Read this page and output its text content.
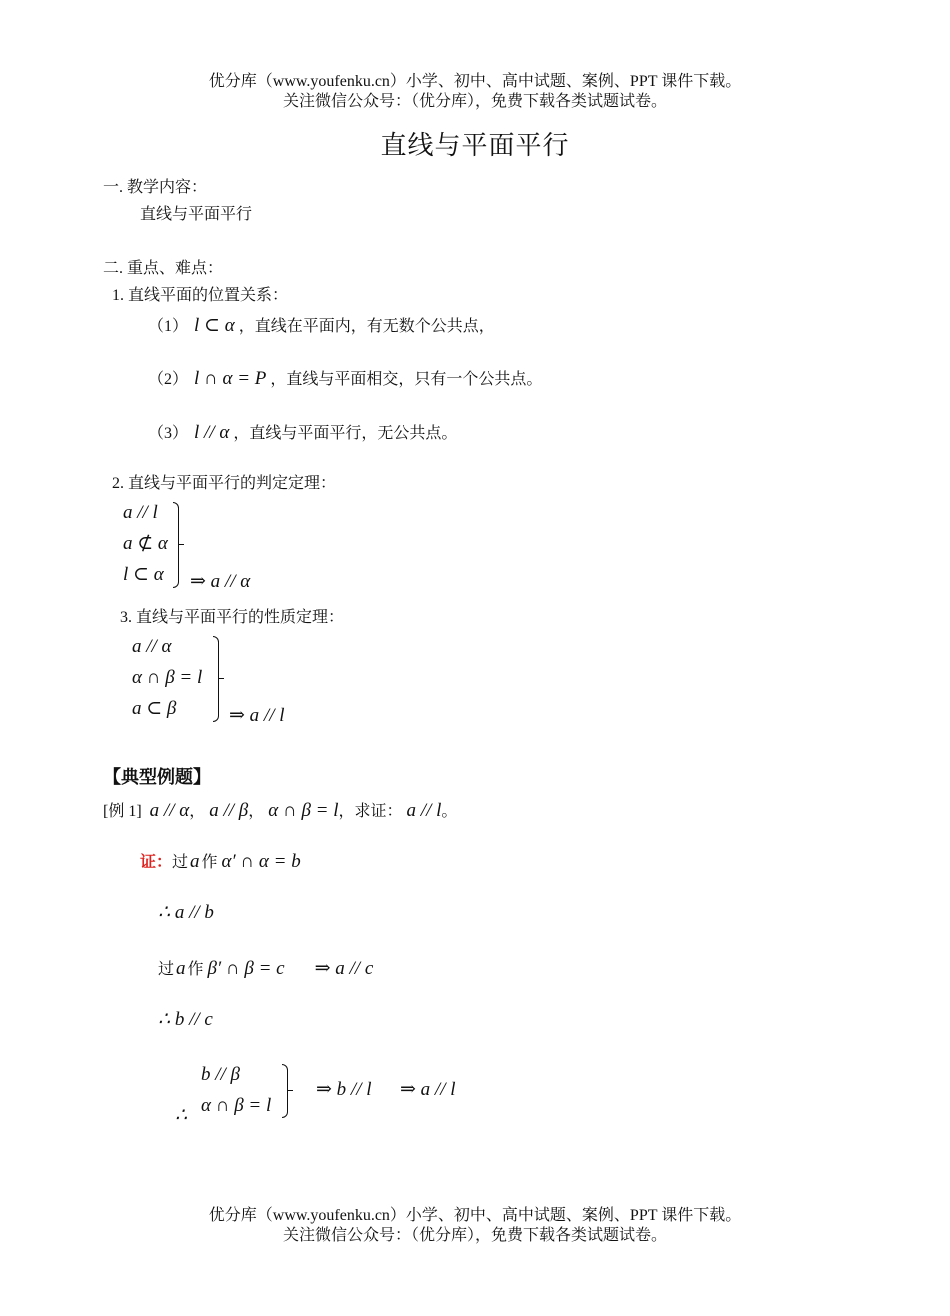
优分库（www.youfenku.cn）小学、初中、高中试题、案例、PPT 课件下载。
关注微信公众号：（优分库），免费下载各类试题试卷。
直线与平面平行
一. 教学内容：
直线与平面平行
二. 重点、难点：
1. 直线平面的位置关系：
（1） l ⊂ α ，直线在平面内，有无数个公共点，
（2） l ∩ α = P ，直线与平面相交，只有一个公共点。
（3） l // α ，直线与平面平行，无公共点。
2. 直线与平面平行的判定定理：
a // l
a ⊄ α
l ⊂ α ⇒ a // α
3. 直线与平面平行的性质定理：
a // α
α ∩ β = l
a ⊂ β	⇒ a // l
【典型例题】
[例 1] a // α， a // β， α ∩ β = l，求证： a // l。
证：过 a 作 α′ ∩ α = b
∴ a // b
过 a 作 β′ ∩ β = c ⇒ a // c
∴ b // c
b // β
α ∩ β = l
∴
⇒ b // l ⇒ a // l
优分库（www.youfenku.cn）小学、初中、高中试题、案例、PPT 课件下载。
关注微信公众号：（优分库），免费下载各类试题试卷。
